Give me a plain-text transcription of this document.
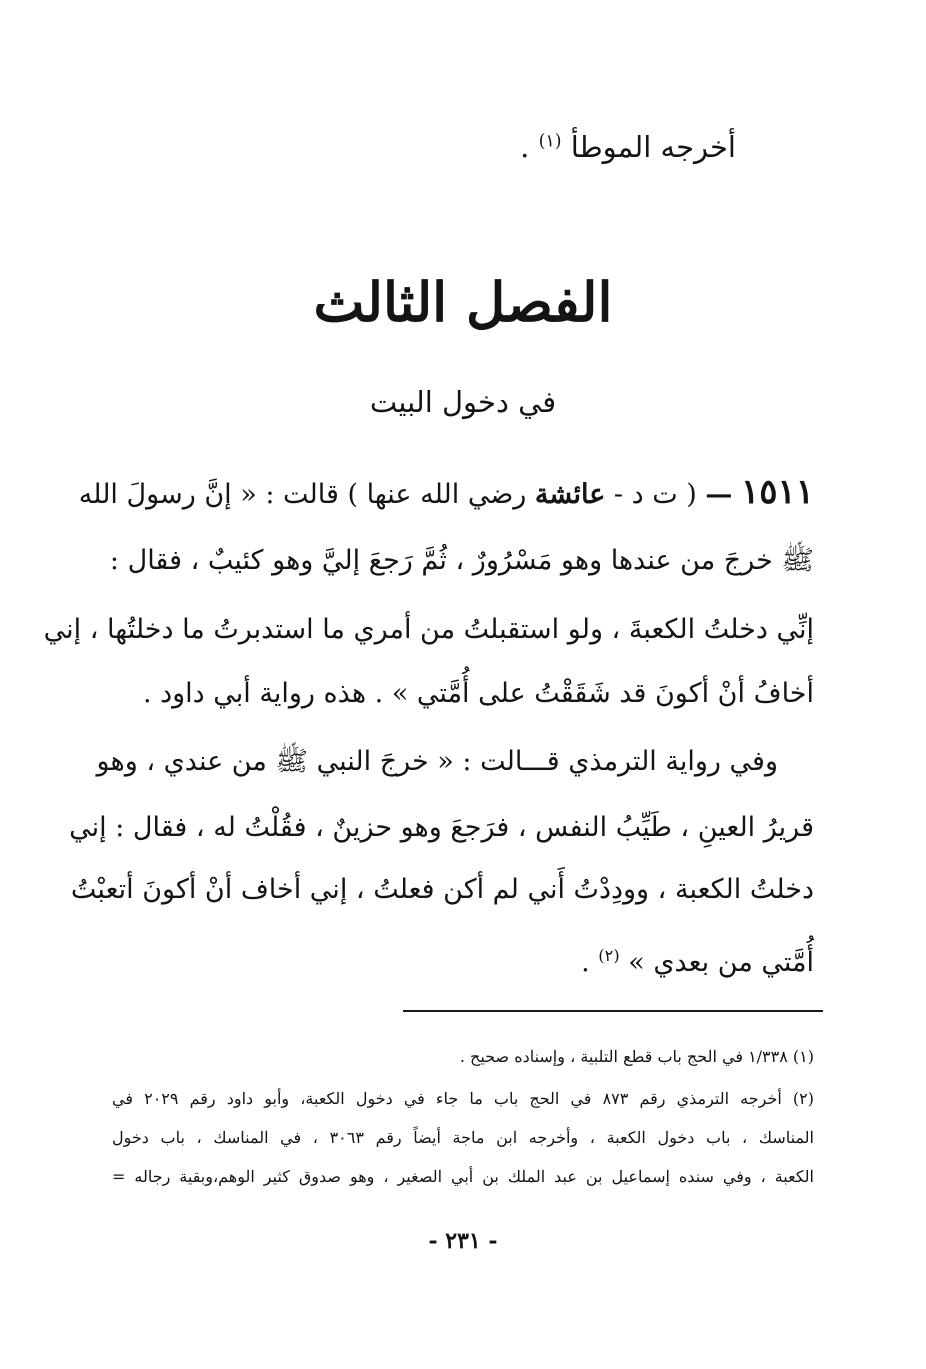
أخرجه الموطأ $^{(١)}$ .
الفصل الثالث
في دخول البيت
١٥١١ — ( ت د - عائشة رضي الله عنها ) قالت : « إنَّ رسولَ الله
ﷺ خرجَ من عندها وهو مَسْرُورٌ ، ثُمَّ رَجعَ إليَّ وهو كئيبٌ ، فقال :
إنِّي دخلتُ الكعبةَ ، ولو استقبلتُ من أمري ما استدبرتُ ما دخلتُها ، إني
أخافُ أنْ أكونَ قد شَقَقْتُ على أُمَّتي » . هذه رواية أبي داود .
وفي رواية الترمذي قـــالت : « خرجَ النبي ﷺ من عندي ، وهو
قريرُ العينِ ، طَيِّبُ النفس ، فرَجعَ وهو حزينٌ ، فقُلْتُ له ، فقال : إني
دخلتُ الكعبة ، وودِدْتُ أَني لم أكن فعلتُ ، إني أخاف أنْ أكونَ أتعبْتُ
أُمَّتي من بعدي » $^{(٢)}$ .
(١) ١/٣٣٨ في الحج باب قطع التلبية ، وإسناده صحيح .
(٢) أخرجه الترمذي رقم ٨٧٣ في الحج باب ما جاء في دخول الكعبة، وأبو داود رقم ٢٠٢٩ في
المناسك ، باب دخول الكعبة ، وأخرجه ابن ماجة أيضاً رقم ٣٠٦٣ ، في المناسك ، باب دخول
الكعبة ، وفي سنده إسماعيل بن عبد الملك بن أبي الصغير ، وهو صدوق كثير الوهم،وبقية رجاله =
- ٢٣١ -
